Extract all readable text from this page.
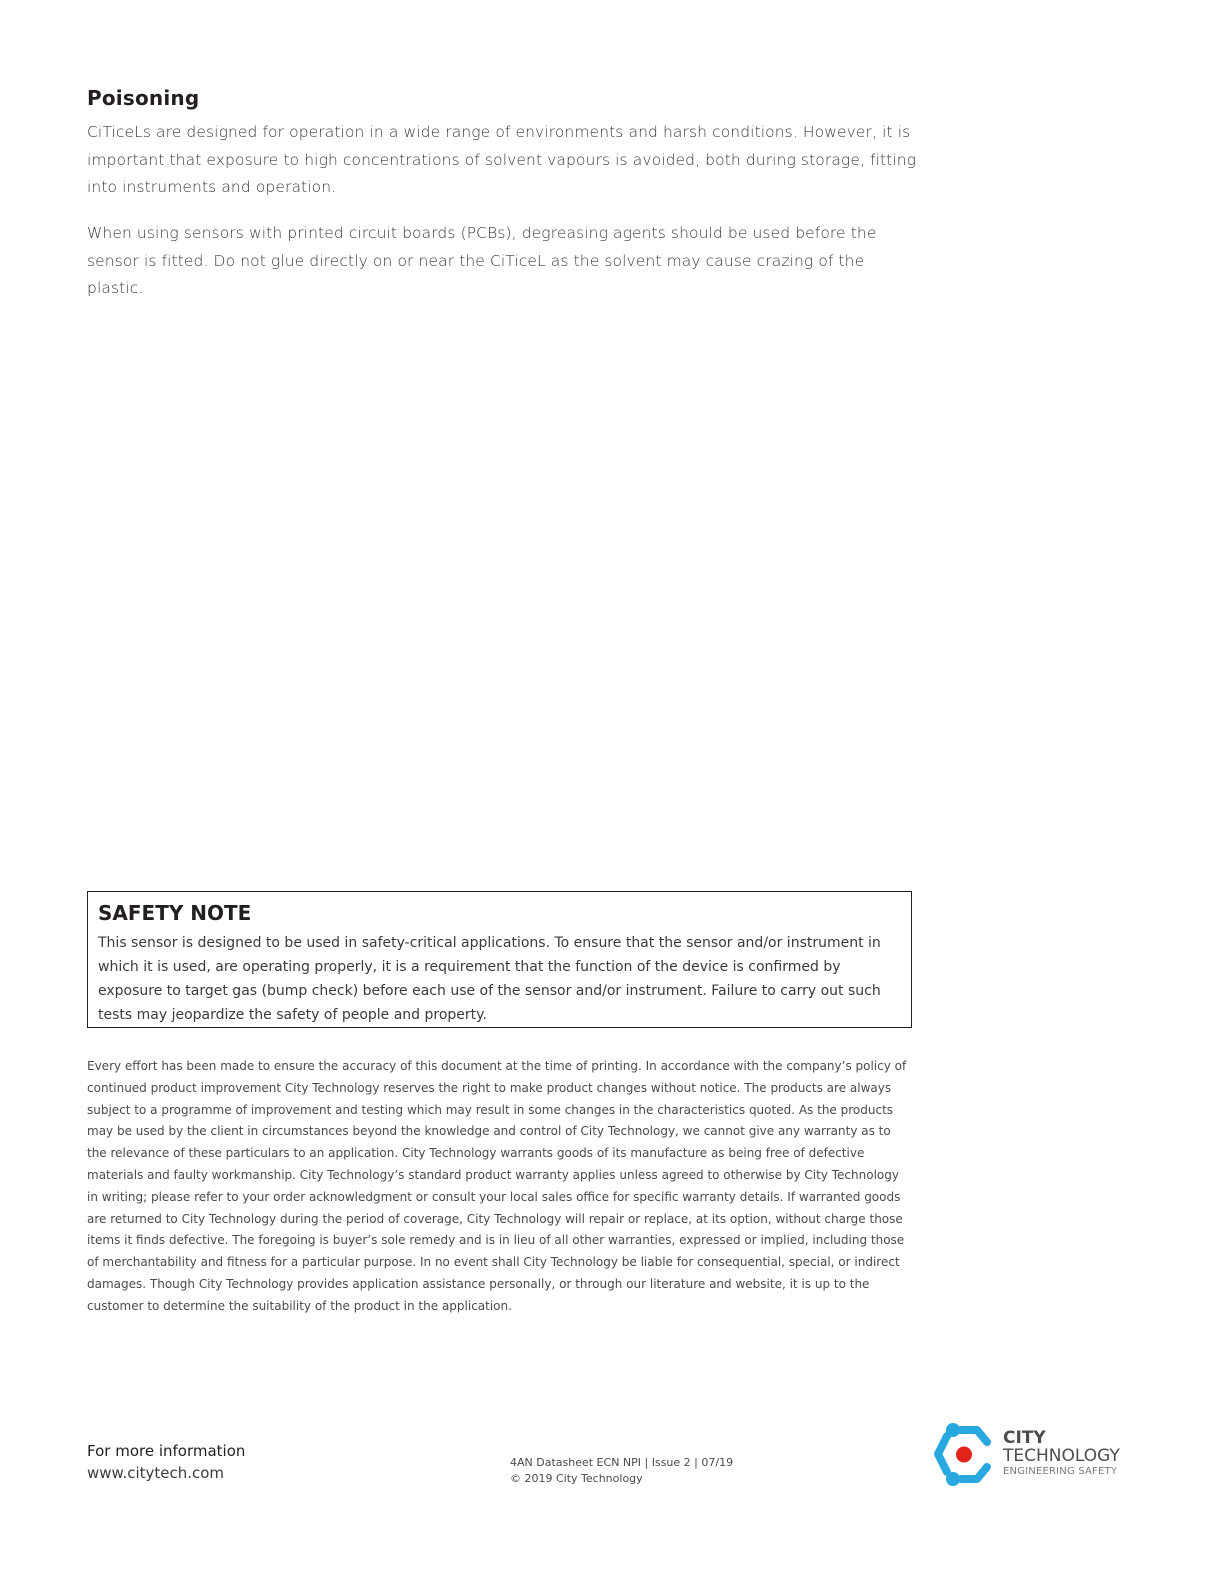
Poisoning

CiTiceLs are designed for operation in a wide range of environments and harsh conditions. However, it is important that exposure to high concentrations of solvent vapours is avoided, both during storage, fitting into instruments and operation.

When using sensors with printed circuit boards (PCBs), degreasing agents should be used before the sensor is fitted. Do not glue directly on or near the CiTiceL as the solvent may cause crazing of the plastic.

SAFETY NOTE

This sensor is designed to be used in safety-critical applications. To ensure that the sensor and/or instrument in which it is used, are operating properly, it is a requirement that the function of the device is confirmed by exposure to target gas (bump check) before each use of the sensor and/or instrument. Failure to carry out such tests may jeopardize the safety of people and property.

Every effort has been made to ensure the accuracy of this document at the time of printing. In accordance with the company’s policy of continued product improvement City Technology reserves the right to make product changes without notice. The products are always subject to a programme of improvement and testing which may result in some changes in the characteristics quoted. As the products may be used by the client in circumstances beyond the knowledge and control of City Technology, we cannot give any warranty as to the relevance of these particulars to an application. City Technology warrants goods of its manufacture as being free of defective materials and faulty workmanship. City Technology’s standard product warranty applies unless agreed to otherwise by City Technology in writing; please refer to your order acknowledgment or consult your local sales office for specific warranty details. If warranted goods are returned to City Technology during the period of coverage, City Technology will repair or replace, at its option, without charge those items it finds defective. The foregoing is buyer’s sole remedy and is in lieu of all other warranties, expressed or implied, including those of merchantability and fitness for a particular purpose. In no event shall City Technology be liable for consequential, special, or indirect damages. Though City Technology provides application assistance personally, or through our literature and website, it is up to the customer to determine the suitability of the product in the application.

For more information

www.citytech.com

4AN Datasheet ECN NPI | Issue 2 | 07/19

© 2019 City Technology

CITY

TECHNOLOGY

ENGINEERING SAFETY
